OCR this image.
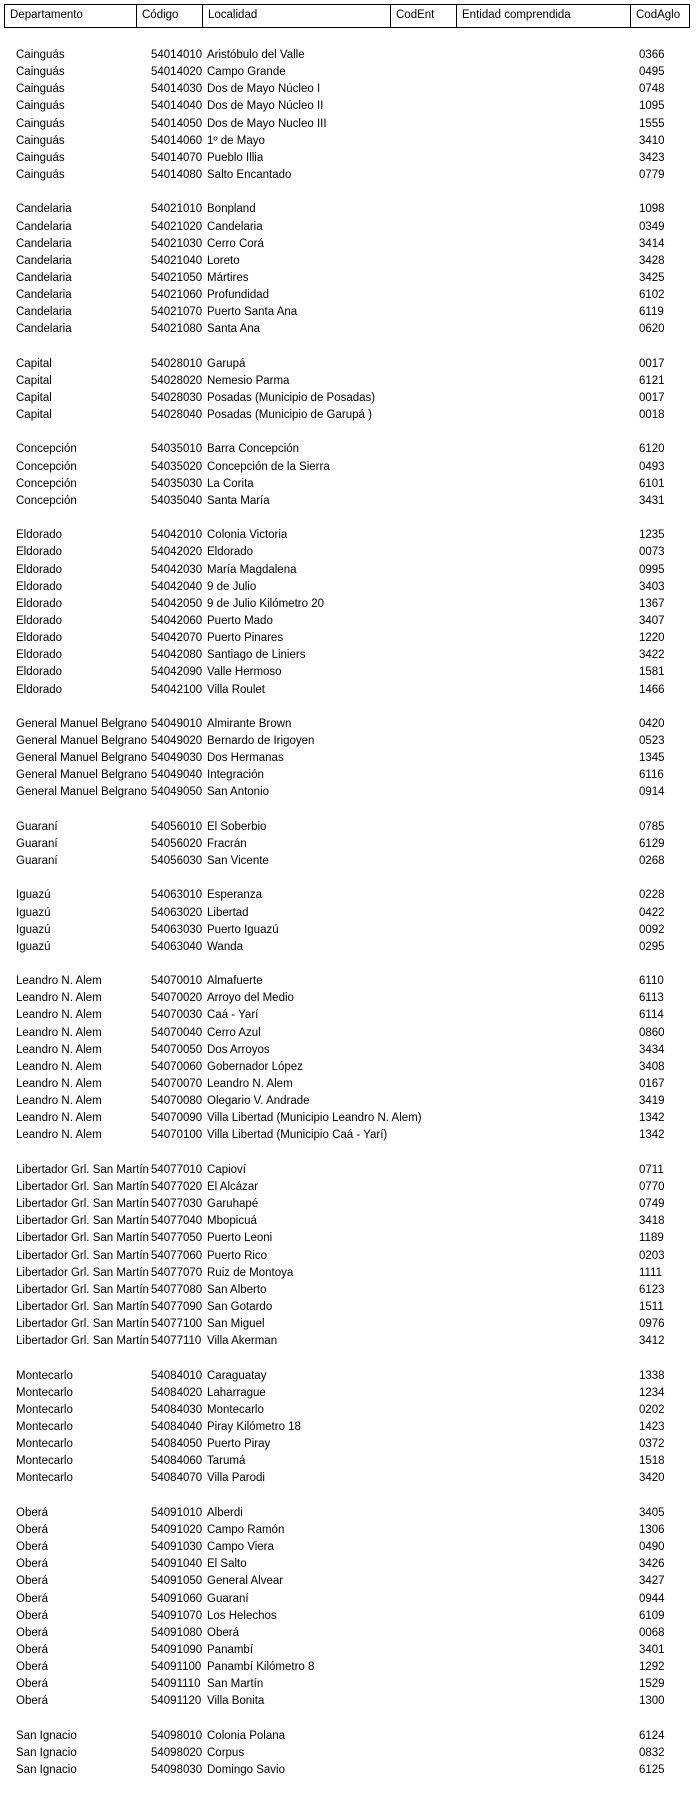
Departamento	Código	Localidad	CodEnt	Entidad comprendida	CodAglo
Cainguás	54014010 Aristóbulo del Valle	0366
Cainguás	54014020 Campo Grande	0495
Cainguás	54014030 Dos de Mayo Núcleo I	0748
Cainguás	54014040 Dos de Mayo Núcleo II	1095
Cainguás	54014050 Dos de Mayo Nucleo III	1555
Cainguás	54014060 1º de Mayo	3410
Cainguás	54014070 Pueblo Illia	3423
Cainguás	54014080 Salto Encantado	0779
Candelaria	54021010 Bonpland	1098
Candelaria	54021020 Candelaria	0349
Candelaria	54021030 Cerro Corá	3414
Candelaria	54021040 Loreto	3428
Candelaria	54021050 Mártires	3425
Candelaria	54021060 Profundidad	6102
Candelaria	54021070 Puerto Santa Ana	6119
Candelaria	54021080 Santa Ana	0620
Capital	54028010 Garupá	0017
Capital	54028020 Nemesio Parma	6121
Capital	54028030 Posadas (Municipio de Posadas)	0017
Capital	54028040 Posadas (Municipio de Garupá )	0018
Concepción	54035010 Barra Concepción	6120
Concepción	54035020 Concepción de la Sierra	0493
Concepción	54035030 La Corita	6101
Concepción	54035040 Santa María	3431
Eldorado	54042010 Colonia Victoria	1235
Eldorado	54042020 Eldorado	0073
Eldorado	54042030 María Magdalena	0995
Eldorado	54042040 9 de Julio	3403
Eldorado	54042050 9 de Julio Kilómetro 20	1367
Eldorado	54042060 Puerto Mado	3407
Eldorado	54042070 Puerto Pinares	1220
Eldorado	54042080 Santiago de Liniers	3422
Eldorado	54042090 Valle Hermoso	1581
Eldorado	54042100 Villa Roulet	1466
General Manuel Belgrano 54049010 Almirante Brown	0420
General Manuel Belgrano 54049020 Bernardo de Irigoyen	0523
General Manuel Belgrano 54049030 Dos Hermanas	1345
General Manuel Belgrano 54049040 Integración	6116
General Manuel Belgrano 54049050 San Antonio	0914
Guaraní	54056010 El Soberbio	0785
Guaraní	54056020 Fracrán	6129
Guaraní	54056030 San Vicente	0268
Iguazú	54063010 Esperanza	0228
Iguazú	54063020 Libertad	0422
Iguazú	54063030 Puerto Iguazú	0092
Iguazú	54063040 Wanda	0295
Leandro N. Alem	54070010 Almafuerte	6110
Leandro N. Alem	54070020 Arroyo del Medio	6113
Leandro N. Alem	54070030 Caá - Yarí	6114
Leandro N. Alem	54070040 Cerro Azul	0860
Leandro N. Alem	54070050 Dos Arroyos	3434
Leandro N. Alem	54070060 Gobernador López	3408
Leandro N. Alem	54070070 Leandro N. Alem	0167
Leandro N. Alem	54070080 Olegario V. Andrade	3419
Leandro N. Alem	54070090 Villa Libertad (Municipio Leandro N. Alem)	1342
Leandro N. Alem	54070100 Villa Libertad (Municipio Caá - Yarí)	1342
Libertador Grl. San Martín 54077010 Capioví	0711
Libertador Grl. San Martín 54077020 El Alcázar	0770
Libertador Grl. San Martín 54077030 Garuhapé	0749
Libertador Grl. San Martín 54077040 Mbopicuá	3418
Libertador Grl. San Martín 54077050 Puerto Leoni	1189
Libertador Grl. San Martín 54077060 Puerto Rico	0203
Libertador Grl. San Martín 54077070 Ruiz de Montoya	1111
Libertador Grl. San Martín 54077080 San Alberto	6123
Libertador Grl. San Martín 54077090 San Gotardo	1511
Libertador Grl. San Martín 54077100 San Miguel	0976
Libertador Grl. San Martín 54077110 Villa Akerman	3412
Montecarlo	54084010 Caraguatay	1338
Montecarlo	54084020 Laharrague	1234
Montecarlo	54084030 Montecarlo	0202
Montecarlo	54084040 Piray Kilómetro 18	1423
Montecarlo	54084050 Puerto Piray	0372
Montecarlo	54084060 Tarumá	1518
Montecarlo	54084070 Villa Parodi	3420
Oberá	54091010 Alberdi	3405
Oberá	54091020 Campo Ramón	1306
Oberá	54091030 Campo Viera	0490
Oberá	54091040 El Salto	3426
Oberá	54091050 General Alvear	3427
Oberá	54091060 Guaraní	0944
Oberá	54091070 Los Helechos	6109
Oberá	54091080 Oberá	0068
Oberá	54091090 Panambí	3401
Oberá	54091100 Panambí Kilómetro 8	1292
Oberá	54091110 San Martín	1529
Oberá	54091120 Villa Bonita	1300
San Ignacio	54098010 Colonia Polana	6124
San Ignacio	54098020 Corpus	0832
San Ignacio	54098030 Domingo Savio	6125
